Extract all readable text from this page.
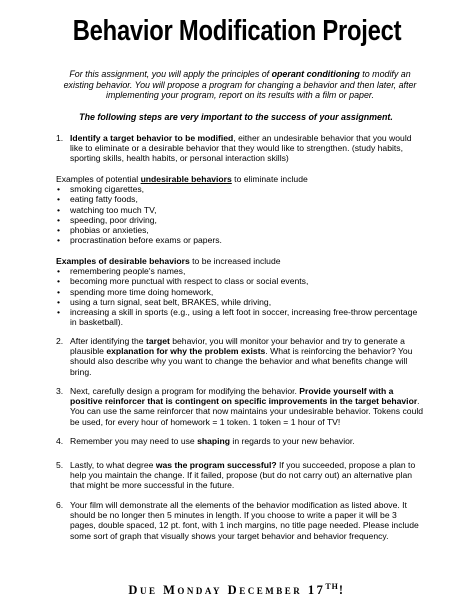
Behavior Modification Project
For this assignment, you will apply the principles of operant conditioning to modify an existing behavior. You will propose a program for changing a behavior and then later, after implementing your program, report on its results with a film or paper.
The following steps are very important to the success of your assignment.
1. Identify a target behavior to be modified, either an undesirable behavior that you would like to eliminate or a desirable behavior that they would like to strengthen. (study habits, sporting skills, health habits, or personal interaction skills)
Examples of potential undesirable behaviors to eliminate include
• smoking cigarettes,
• eating fatty foods,
• watching too much TV,
• speeding, poor driving,
• phobias or anxieties,
• procrastination before exams or papers.
Examples of desirable behaviors to be increased include
• remembering people's names,
• becoming more punctual with respect to class or social events,
• spending more time doing homework,
• using a turn signal, seat belt, BRAKES, while driving,
• increasing a skill in sports (e.g., using a left foot in soccer, increasing free-throw percentage in basketball).
2. After identifying the target behavior, you will monitor your behavior and try to generate a plausible explanation for why the problem exists. What is reinforcing the behavior? You should also describe why you want to change the behavior and what benefits change will bring.
3. Next, carefully design a program for modifying the behavior. Provide yourself with a positive reinforcer that is contingent on specific improvements in the target behavior. You can use the same reinforcer that now maintains your undesirable behavior. Tokens could be used, for every hour of homework = 1 token. 1 token = 1 hour of TV!
4. Remember you may need to use shaping in regards to your new behavior.
5. Lastly, to what degree was the program successful? If you succeeded, propose a plan to help you maintain the change. If it failed, propose (but do not carry out) an alternative plan that might be more successful in the future.
6. Your film will demonstrate all the elements of the behavior modification as listed above. It should be no longer then 5 minutes in length. If you choose to write a paper it will be 3 pages, double spaced, 12 pt. font, with 1 inch margins, no title page needed. Please include some sort of graph that visually shows your target behavior and behavior frequency.
Due Monday December 17TH!
